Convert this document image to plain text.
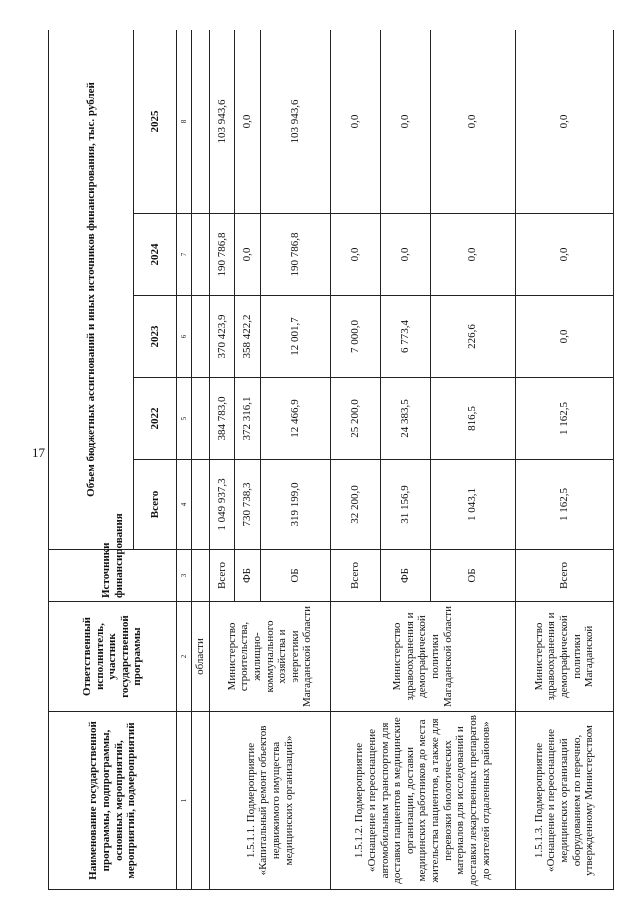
17
Наименование государственной программы, подпрограммы, основных мероприятий, мероприятий, подмероприятий	Ответственный исполнитель, участник государственной программы	Источники финансирования	Объем бюджетных ассигнований и иных источников финансирования, тыс. рублей				
			Всего	2022	2023	2024	2025
1	2	3	4	5	6	7	8
	области						
1.5.1.1. Подмероприятие «Капитальный ремонт объектов недвижимого имущества медицинских организаций»	Министерство строительства, жилищно-коммунального хозяйства и энергетики Магаданской области	Всего	1 049 937,3	384 783,0	370 423,9	190 786,8	103 943,6
		ФБ	730 738,3	372 316,1	358 422,2	0,0	0,0
		ОБ	319 199,0	12 466,9	12 001,7	190 786,8	103 943,6
1.5.1.2. Подмероприятие «Оснащение и переоснащение автомобильным транспортом для доставки пациентов в медицинские организации, доставки медицинских работников до места жительства пациентов, а также для перевозки биологических материалов для исследований и доставки лекарственных препаратов до жителей отдаленных районов»	Министерство здравоохранения и демографической политики Магаданской области	Всего	32 200,0	25 200,0	7 000,0	0,0	0,0
		ФБ	31 156,9	24 383,5	6 773,4	0,0	0,0
		ОБ	1 043,1	816,5	226,6	0,0	0,0
1.5.1.3. Подмероприятие «Оснащение и переоснащение медицинских организаций оборудованием по перечню, утвержденному Министерством	Министерство здравоохранения и демографической политики Магаданской	Всего	1 162,5	1 162,5	0,0	0,0	0,0
